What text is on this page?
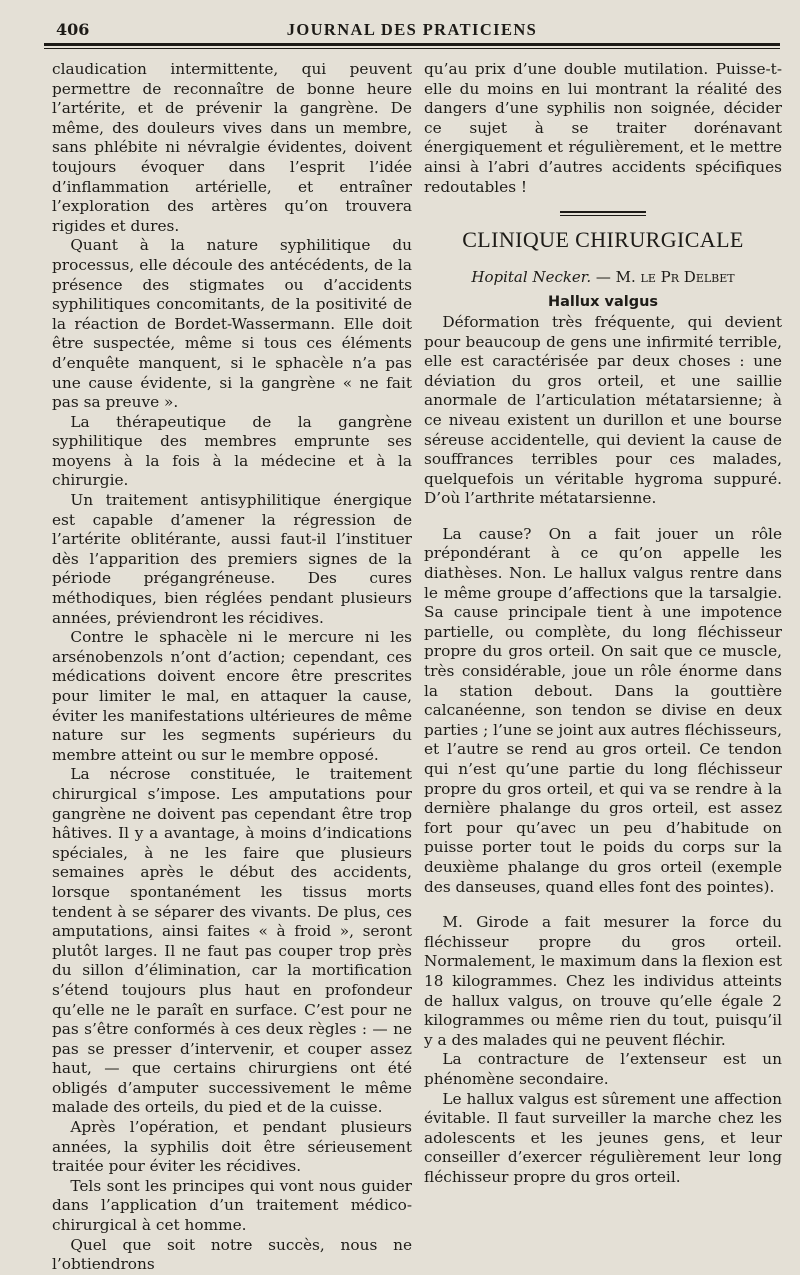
406	JOURNAL DES PRATICIENS

claudication intermittente, qui peuvent permettre de reconnaître de bonne heure l’artérite, et de prévenir la gangrène. De même, des douleurs vives dans un membre, sans phlébite ni névralgie évidentes, doivent toujours évoquer dans l’esprit l’idée d’inflammation artérielle, et entraîner l’exploration des artères qu’on trouvera rigides et dures.

Quant à la nature syphilitique du processus, elle découle des antécédents, de la présence des stigmates ou d’accidents syphilitiques concomitants, de la positivité de la réaction de Bordet-Wassermann. Elle doit être suspectée, même si tous ces éléments d’enquête manquent, si le sphacèle n’a pas une cause évidente, si la gangrène « ne fait pas sa preuve ».

La thérapeutique de la gangrène syphilitique des membres emprunte ses moyens à la fois à la médecine et à la chirurgie.

Un traitement antisyphilitique énergique est capable d’amener la régression de l’artérite oblitérante, aussi faut-il l’instituer dès l’apparition des premiers signes de la période prégangréneuse. Des cures méthodiques, bien réglées pendant plusieurs années, préviendront les récidives.

Contre le sphacèle ni le mercure ni les arsénobenzols n’ont d’action; cependant, ces médications doivent encore être prescrites pour limiter le mal, en attaquer la cause, éviter les manifestations ultérieures de même nature sur les segments supérieurs du membre atteint ou sur le membre opposé.

La nécrose constituée, le traitement chirurgical s’impose. Les amputations pour gangrène ne doivent pas cependant être trop hâtives. Il y a avantage, à moins d’indications spéciales, à ne les faire que plusieurs semaines après le début des accidents, lorsque spontanément les tissus morts tendent à se séparer des vivants. De plus, ces amputations, ainsi faites « à froid », seront plutôt larges. Il ne faut pas couper trop près du sillon d’élimination, car la mortification s’étend toujours plus haut en profondeur qu’elle ne le paraît en surface. C’est pour ne pas s’être conformés à ces deux règles : — ne pas se presser d’intervenir, et couper assez haut, — que certains chirurgiens ont été obligés d’amputer successivement le même malade des orteils, du pied et de la cuisse.

Après l’opération, et pendant plusieurs années, la syphilis doit être sérieusement traitée pour éviter les récidives.

Tels sont les principes qui vont nous guider dans l’application d’un traitement médico-chirurgical à cet homme.

Quel que soit notre succès, nous ne l’obtiendrons

qu’au prix d’une double mutilation. Puisse-t-elle du moins en lui montrant la réalité des dangers d’une syphilis non soignée, décider ce sujet à se traiter dorénavant énergiquement et régulièrement, et le mettre ainsi à l’abri d’autres accidents spécifiques redoutables !

CLINIQUE CHIRURGICALE
Hopital Necker. — M. le Pr Delbet
Hallux valgus

Déformation très fréquente, qui devient pour beaucoup de gens une infirmité terrible, elle est caractérisée par deux choses : une déviation du gros orteil, et une saillie anormale de l’articulation métatarsienne; à ce niveau existent un durillon et une bourse séreuse accidentelle, qui devient la cause de souffrances terribles pour ces malades, quelquefois un véritable hygroma suppuré. D’où l’arthrite métatarsienne.

La cause? On a fait jouer un rôle prépondérant à ce qu’on appelle les diathèses. Non. Le hallux valgus rentre dans le même groupe d’affections que la tarsalgie. Sa cause principale tient à une impotence partielle, ou complète, du long fléchisseur propre du gros orteil. On sait que ce muscle, très considérable, joue un rôle énorme dans la station debout. Dans la gouttière calcanéenne, son tendon se divise en deux parties ; l’une se joint aux autres fléchisseurs, et l’autre se rend au gros orteil. Ce tendon qui n’est qu’une partie du long fléchisseur propre du gros orteil, et qui va se rendre à la dernière phalange du gros orteil, est assez fort pour qu’avec un peu d’habitude on puisse porter tout le poids du corps sur la deuxième phalange du gros orteil (exemple des danseuses, quand elles font des pointes).

M. Girode a fait mesurer la force du fléchisseur propre du gros orteil. Normalement, le maximum dans la flexion est 18 kilogrammes. Chez les individus atteints de hallux valgus, on trouve qu’elle égale 2 kilogrammes ou même rien du tout, puisqu’il y a des malades qui ne peuvent fléchir.

La contracture de l’extenseur est un phénomène secondaire.

Le hallux valgus est sûrement une affection évitable. Il faut surveiller la marche chez les adolescents et les jeunes gens, et leur conseiller d’exercer régulièrement leur long fléchisseur propre du gros orteil.
